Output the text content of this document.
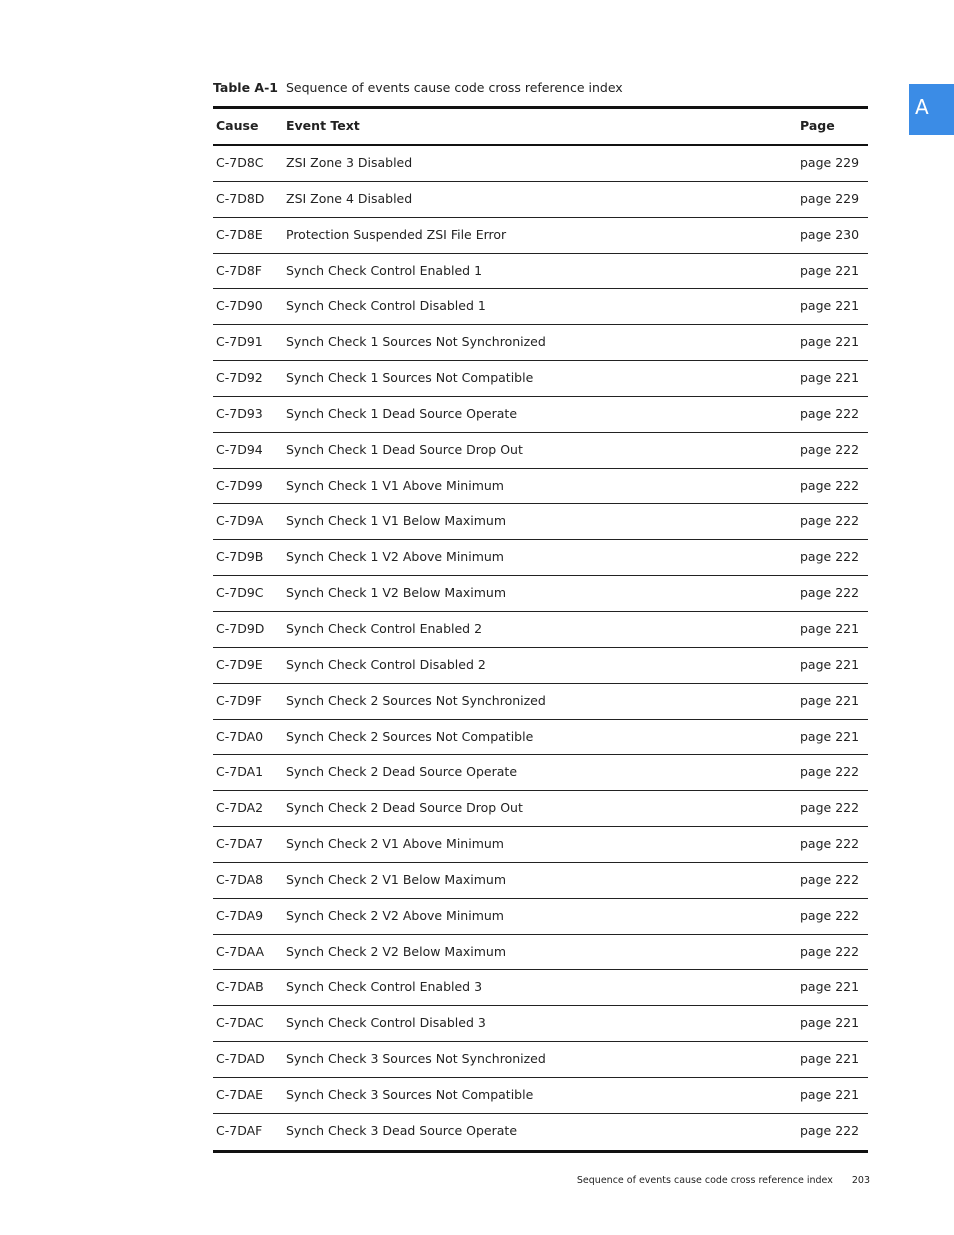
Table A-1 Sequence of events cause code cross reference index
A
Cause Event Text	Page
C-7D8C ZSI Zone 3 Disabled	page 229
C-7D8D ZSI Zone 4 Disabled	page 229
C-7D8E Protection Suspended ZSI File Error	page 230
C-7D8F Synch Check Control Enabled 1	page 221
C-7D90 Synch Check Control Disabled 1	page 221
C-7D91 Synch Check 1 Sources Not Synchronized	page 221
C-7D92 Synch Check 1 Sources Not Compatible	page 221
C-7D93 Synch Check 1 Dead Source Operate	page 222
C-7D94 Synch Check 1 Dead Source Drop Out	page 222
C-7D99 Synch Check 1 V1 Above Minimum	page 222
C-7D9A Synch Check 1 V1 Below Maximum	page 222
C-7D9B Synch Check 1 V2 Above Minimum	page 222
C-7D9C Synch Check 1 V2 Below Maximum	page 222
C-7D9D Synch Check Control Enabled 2	page 221
C-7D9E Synch Check Control Disabled 2	page 221
C-7D9F Synch Check 2 Sources Not Synchronized	page 221
C-7DA0 Synch Check 2 Sources Not Compatible	page 221
C-7DA1 Synch Check 2 Dead Source Operate	page 222
C-7DA2 Synch Check 2 Dead Source Drop Out	page 222
C-7DA7 Synch Check 2 V1 Above Minimum	page 222
C-7DA8 Synch Check 2 V1 Below Maximum	page 222
C-7DA9 Synch Check 2 V2 Above Minimum	page 222
C-7DAA Synch Check 2 V2 Below Maximum	page 222
C-7DAB Synch Check Control Enabled 3	page 221
C-7DAC Synch Check Control Disabled 3	page 221
C-7DAD Synch Check 3 Sources Not Synchronized	page 221
C-7DAE Synch Check 3 Sources Not Compatible	page 221
C-7DAF Synch Check 3 Dead Source Operate	page 222
Sequence of events cause code cross reference index 203
